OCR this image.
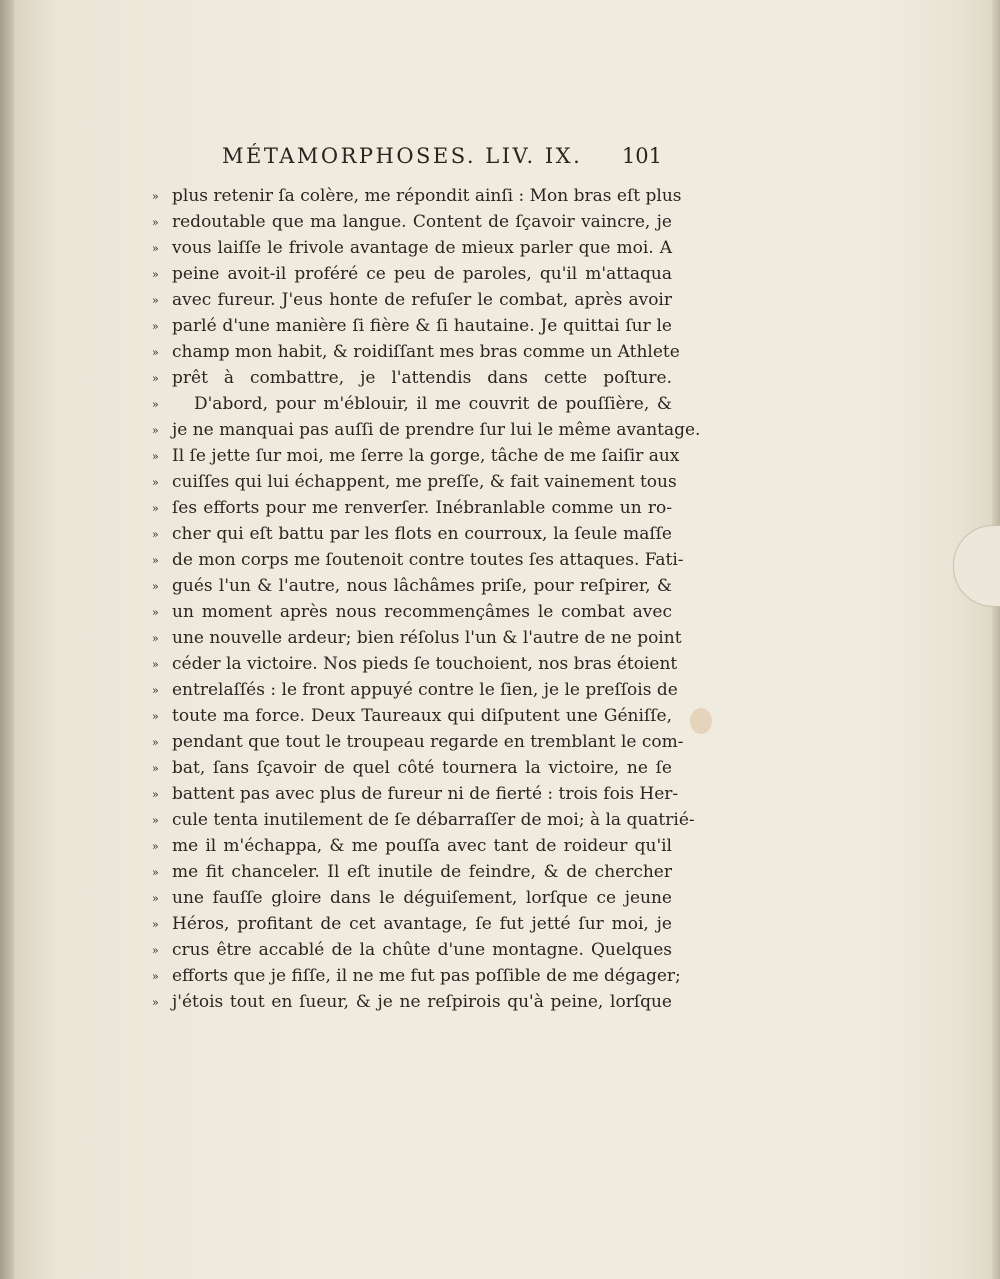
MÉTAMORPHOSES. LIV. IX. 101
» plus retenir ſa colère, me répondit ainſi : Mon bras eſt plus
» redoutable que ma langue. Content de ſçavoir vaincre, je
» vous laiſſe le frivole avantage de mieux parler que moi. A
» peine avoit-il proféré ce peu de paroles, qu'il m'attaqua
» avec fureur. J'eus honte de refuſer le combat, après avoir
» parlé d'une manière ſi fière & ſi hautaine. Je quittai ſur le
» champ mon habit, & roidiſſant mes bras comme un Athlete
» prêt à combattre, je l'attendis dans cette poſture.
» D'abord, pour m'éblouir, il me couvrit de pouſſière, &
» je ne manquai pas auſſi de prendre ſur lui le même avantage.
» Il ſe jette ſur moi, me ſerre la gorge, tâche de me ſaiſir aux
» cuiſſes qui lui échappent, me preſſe, & fait vainement tous
» ſes efforts pour me renverſer. Inébranlable comme un ro-
» cher qui eſt battu par les flots en courroux, la ſeule maſſe
» de mon corps me ſoutenoit contre toutes ſes attaques. Fati-
» gués l'un & l'autre, nous lâchâmes priſe, pour reſpirer, &
» un moment après nous recommençâmes le combat avec
» une nouvelle ardeur; bien réſolus l'un & l'autre de ne point
» céder la victoire. Nos pieds ſe touchoient, nos bras étoient
» entrelaſſés : le front appuyé contre le ſien, je le preſſois de
» toute ma force. Deux Taureaux qui diſputent une Géniſſe,
» pendant que tout le troupeau regarde en tremblant le com-
» bat, ſans ſçavoir de quel côté tournera la victoire, ne ſe
» battent pas avec plus de fureur ni de fierté : trois fois Her-
» cule tenta inutilement de ſe débarraſſer de moi; à la quatrié-
» me il m'échappa, & me pouſſa avec tant de roideur qu'il
» me fit chanceler. Il eſt inutile de feindre, & de chercher
» une fauſſe gloire dans le déguiſement, lorſque ce jeune
» Héros, profitant de cet avantage, ſe fut jetté ſur moi, je
» crus être accablé de la chûte d'une montagne. Quelques
» efforts que je fiſſe, il ne me fut pas poſſible de me dégager;
» j'étois tout en ſueur, & je ne reſpirois qu'à peine, lorſque
